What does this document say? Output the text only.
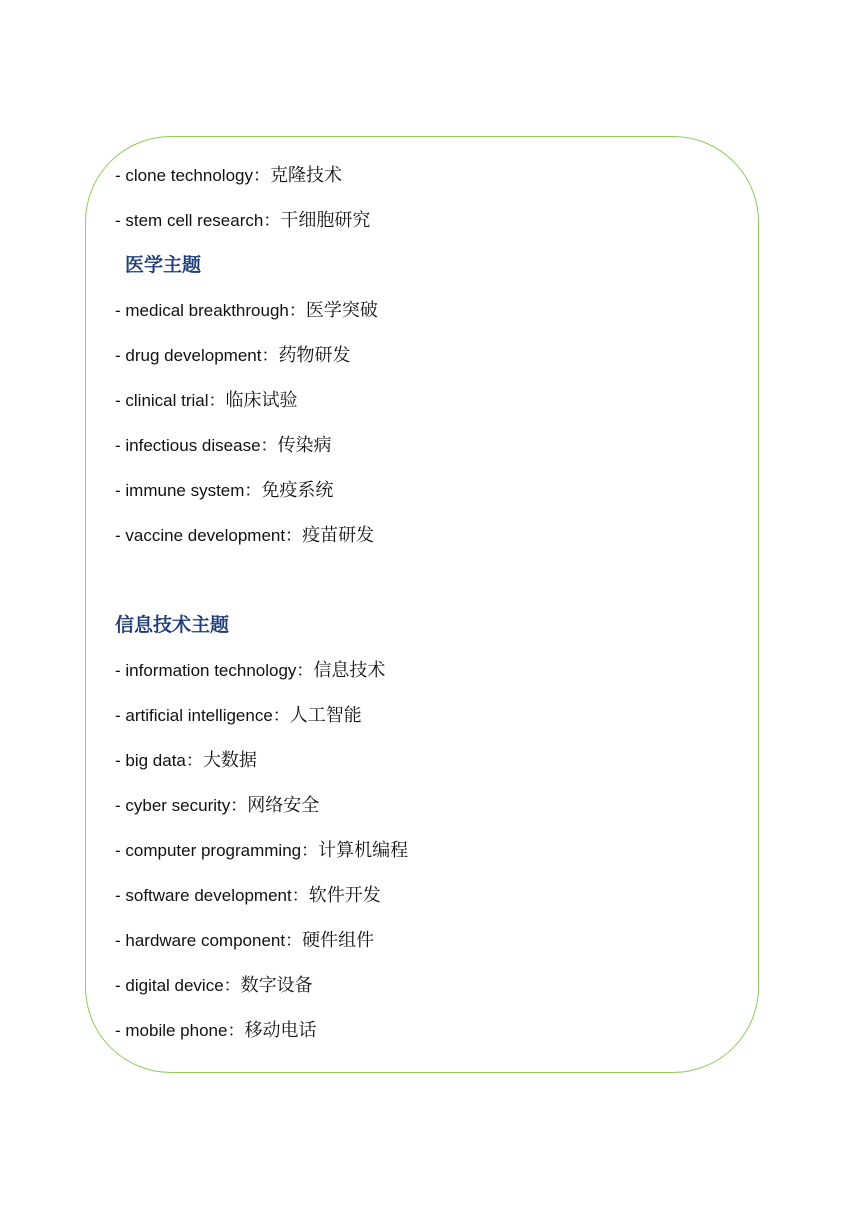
- clone technology：克隆技术
- stem cell research：干细胞研究
医学主题
- medical breakthrough：医学突破
- drug development：药物研发
- clinical trial：临床试验
- infectious disease：传染病
- immune system：免疫系统
- vaccine development：疫苗研发
信息技术主题
- information technology：信息技术
- artificial intelligence：人工智能
- big data：大数据
- cyber security：网络安全
- computer programming：计算机编程
- software development：软件开发
- hardware component：硬件组件
- digital device：数字设备
- mobile phone：移动电话
